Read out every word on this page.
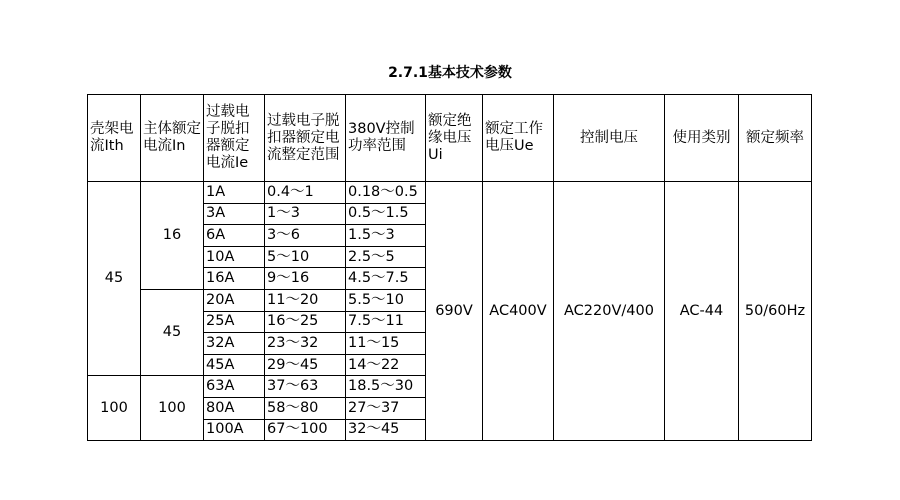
2.7.1基本技术参数
壳架电流Ith	主体额定电流In	过载电子脱扣器额定电流Ie	过载电子脱扣器额定电流整定范围	380V控制功率范围	额定绝缘电压Ui	额定工作电压Ue	控制电压	使用类别	额定频率
45	16	1A	0.4～1	0.18～0.5	690V	AC400V	AC220V/400	AC-44	50/60Hz
		3A	1～3	0.5～1.5					
		6A	3～6	1.5～3					
		10A	5～10	2.5～5					
		16A	9～16	4.5～7.5					
	45	20A	11～20	5.5～10					
		25A	16～25	7.5～11					
		32A	23～32	11～15					
		45A	29～45	14～22					
100	100	63A	37～63	18.5～30					
		80A	58～80	27～37					
		100A	67～100	32～45					
